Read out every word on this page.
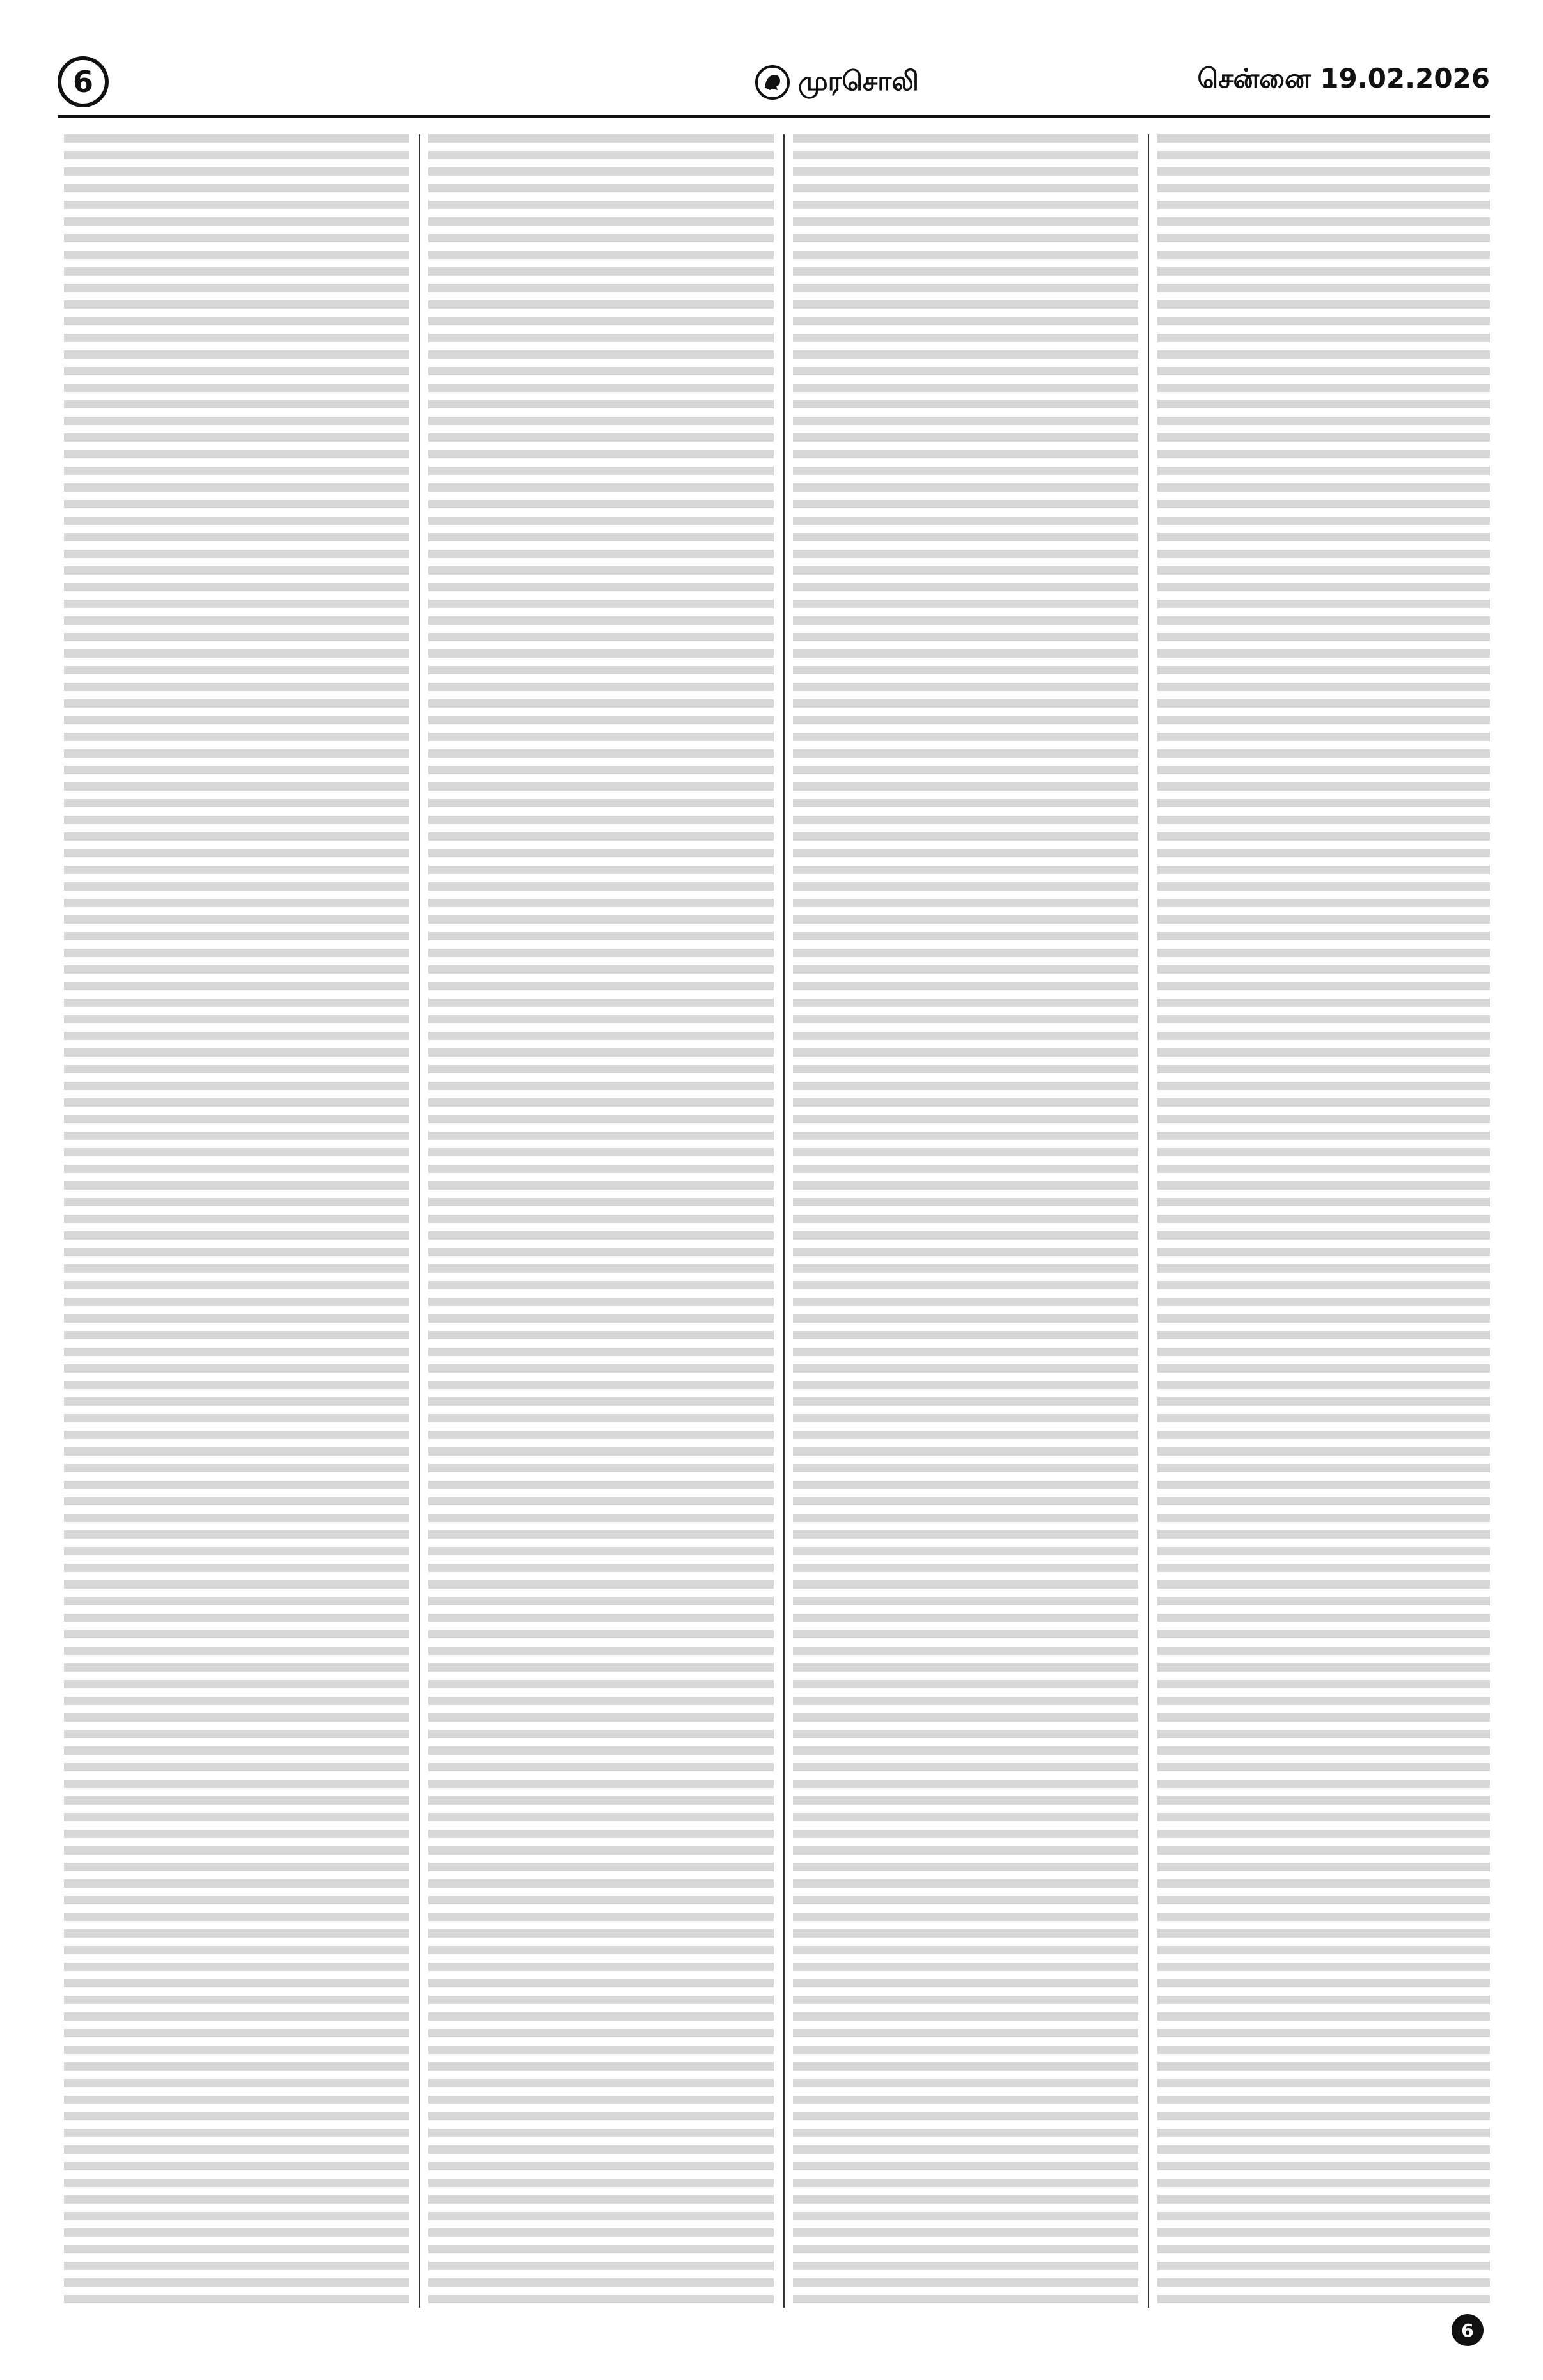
6	முரசொலி	சென்னை 19.02.2026
6
